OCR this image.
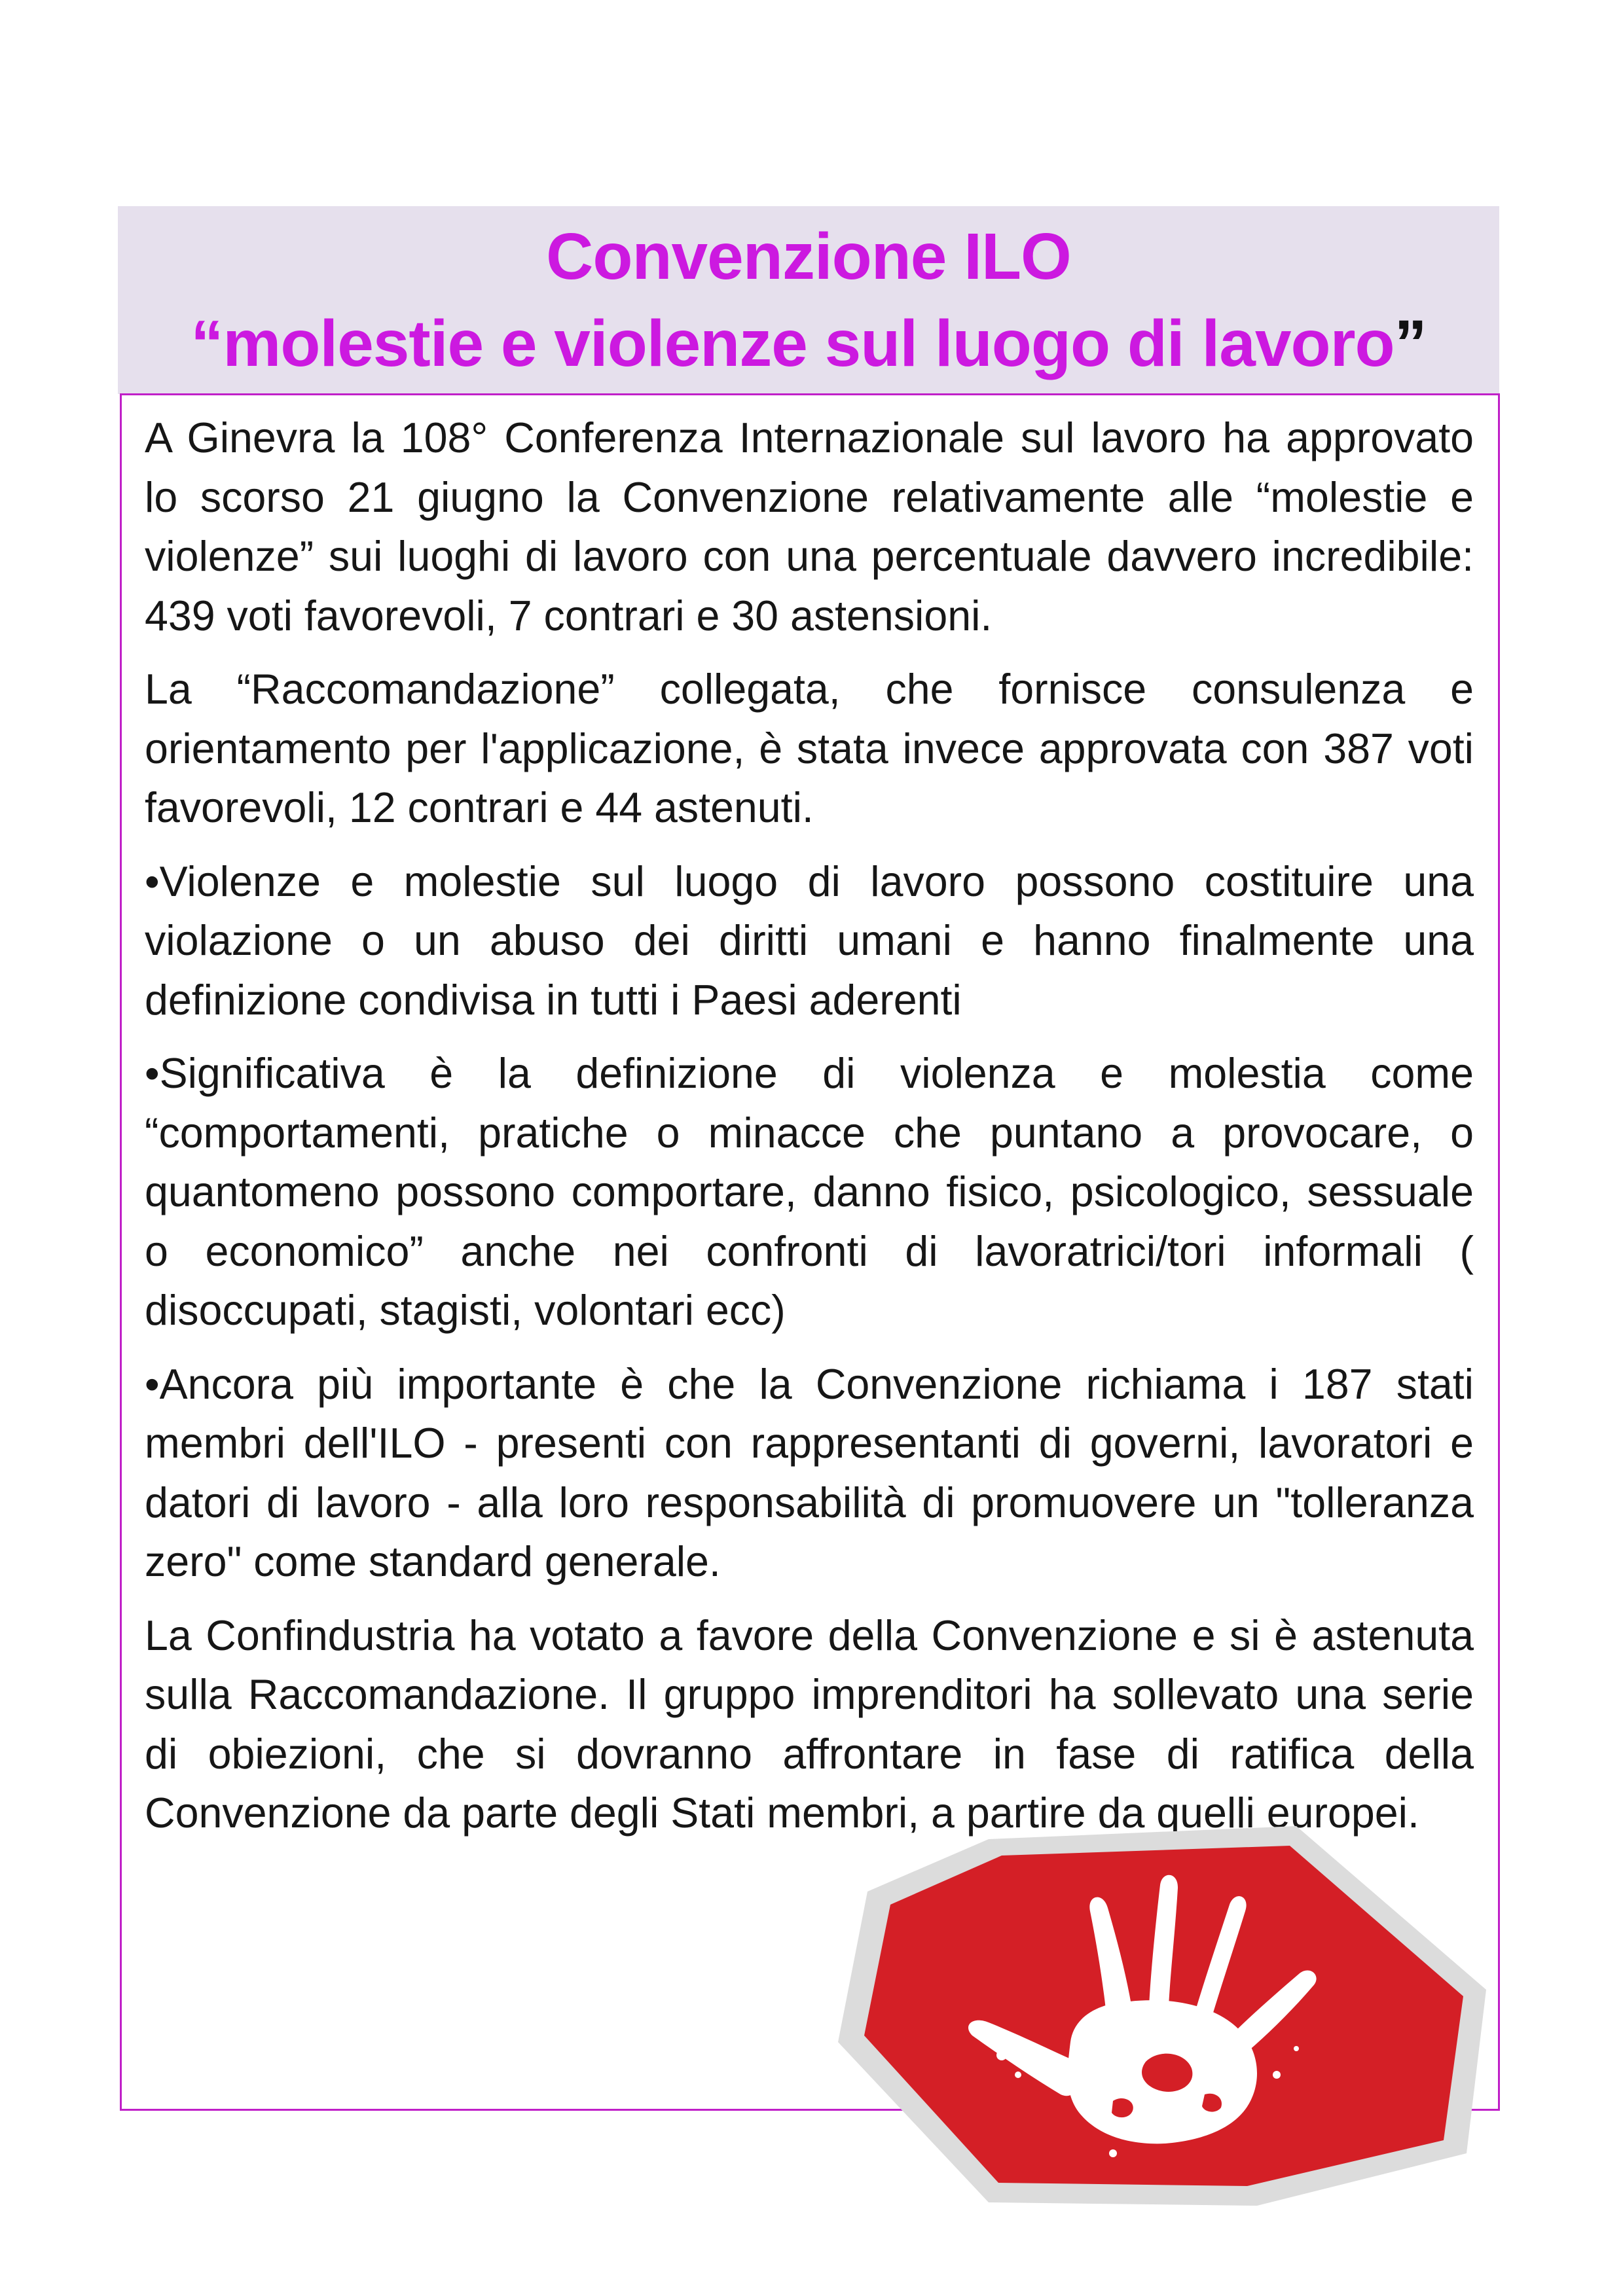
Convenzione ILO
“molestie e violenze sul luogo di lavoro”

A Ginevra la 108° Conferenza Internazionale sul lavoro ha approvato lo scorso 21 giugno la Convenzione relativamente alle “molestie e violenze” sui luoghi di lavoro con una percentuale davvero incredibile: 439 voti favorevoli, 7 contrari e 30 astensioni.

La “Raccomandazione” collegata, che fornisce consulenza e orientamento per l'applicazione, è stata invece approvata con 387 voti favorevoli, 12 contrari e 44 astenuti.

•Violenze e molestie sul luogo di lavoro possono costituire una violazione o un abuso dei diritti umani e hanno finalmente una definizione condivisa in tutti i Paesi aderenti

•Significativa è la definizione di violenza e molestia come “comportamenti, pratiche o minacce che puntano a provocare, o quantomeno possono comportare, danno fisico, psicologico, sessuale o economico” anche nei confronti di lavoratrici/tori informali ( disoccupati, stagisti, volontari ecc)

•Ancora più importante è che la Convenzione richiama i 187 stati membri dell'ILO - presenti con rappresentanti di governi, lavoratori e datori di lavoro - alla loro responsabilità di promuovere un "tolleranza zero" come standard generale.

La Confindustria ha votato a favore della Convenzione e si è astenuta sulla Raccomandazione. Il gruppo imprenditori ha sollevato una serie di obiezioni, che si dovranno affrontare in fase di ratifica della Convenzione da parte degli Stati membri, a partire da quelli europei.
